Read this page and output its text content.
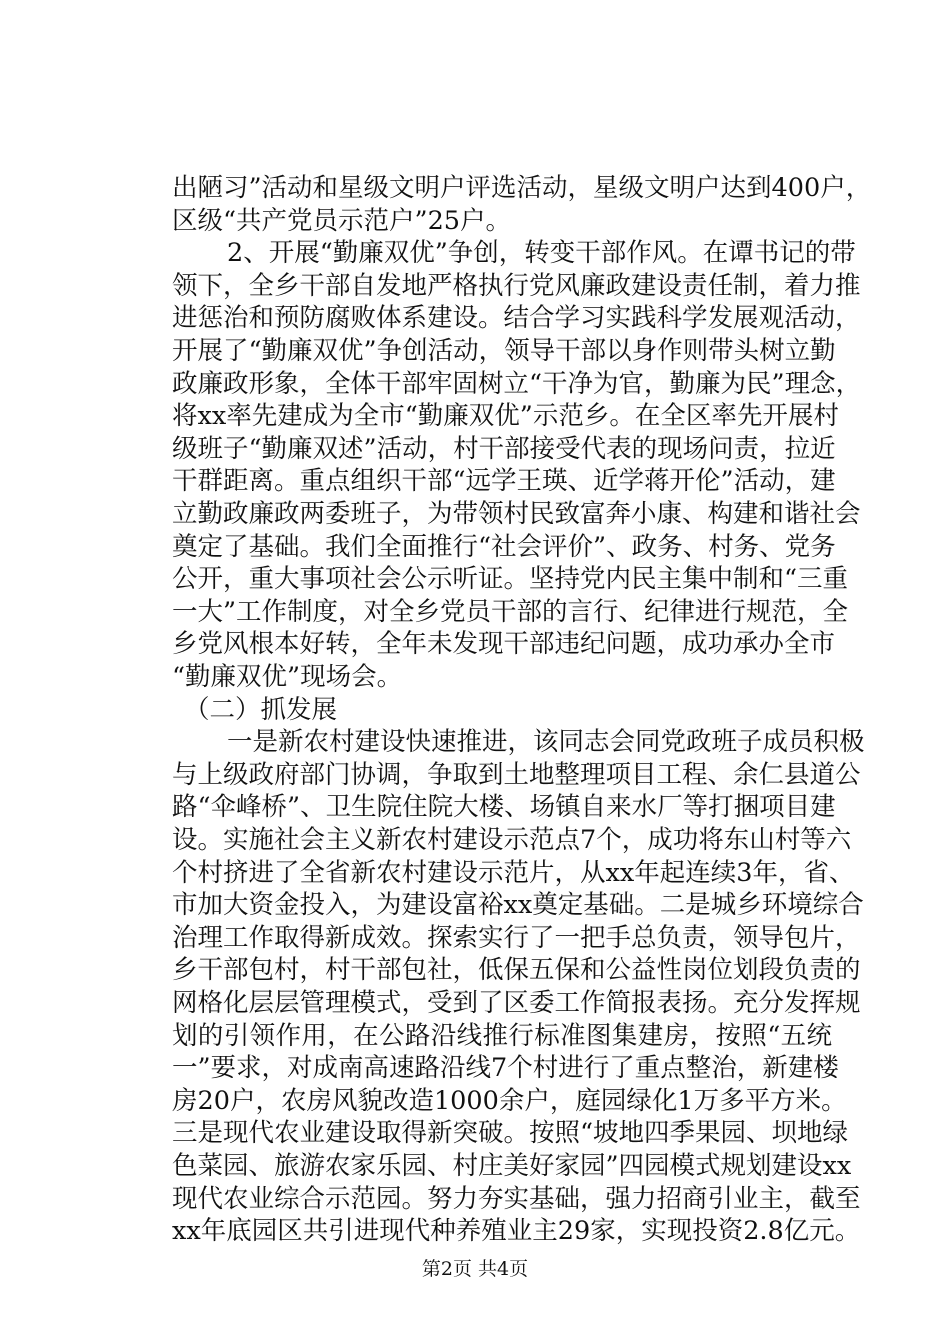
出陋习”活动和星级文明户评选活动，星级文明户达到400户，
区级“共产党员示范户”25户。
2、开展“勤廉双优”争创，转变干部作风。在谭书记的带
领下，全乡干部自发地严格执行党风廉政建设责任制，着力推
进惩治和预防腐败体系建设。结合学习实践科学发展观活动，
开展了“勤廉双优”争创活动，领导干部以身作则带头树立勤
政廉政形象，全体干部牢固树立“干净为官，勤廉为民”理念，
将xx率先建成为全市“勤廉双优”示范乡。在全区率先开展村
级班子“勤廉双述”活动，村干部接受代表的现场问责，拉近
干群距离。重点组织干部“远学王瑛、近学蒋开伦”活动，建
立勤政廉政两委班子，为带领村民致富奔小康、构建和谐社会
奠定了基础。我们全面推行“社会评价”、政务、村务、党务
公开，重大事项社会公示听证。坚持党内民主集中制和“三重
一大”工作制度，对全乡党员干部的言行、纪律进行规范，全
乡党风根本好转，全年未发现干部违纪问题，成功承办全市
“勤廉双优”现场会。
（二）抓发展
一是新农村建设快速推进，该同志会同党政班子成员积极
与上级政府部门协调，争取到土地整理项目工程、余仁县道公
路“伞峰桥”、卫生院住院大楼、场镇自来水厂等打捆项目建
设。实施社会主义新农村建设示范点7个，成功将东山村等六
个村挤进了全省新农村建设示范片，从xx年起连续3年，省、
市加大资金投入，为建设富裕xx奠定基础。二是城乡环境综合
治理工作取得新成效。探索实行了一把手总负责，领导包片，
乡干部包村，村干部包社，低保五保和公益性岗位划段负责的
网格化层层管理模式，受到了区委工作简报表扬。充分发挥规
划的引领作用，在公路沿线推行标准图集建房，按照“五统
一”要求，对成南高速路沿线7个村进行了重点整治，新建楼
房20户，农房风貌改造1000余户，庭园绿化1万多平方米。
三是现代农业建设取得新突破。按照“坡地四季果园、坝地绿
色菜园、旅游农家乐园、村庄美好家园”四园模式规划建设xx
现代农业综合示范园。努力夯实基础，强力招商引业主，截至
xx年底园区共引进现代种养殖业主29家，实现投资2.8亿元。
第2页 共4页
